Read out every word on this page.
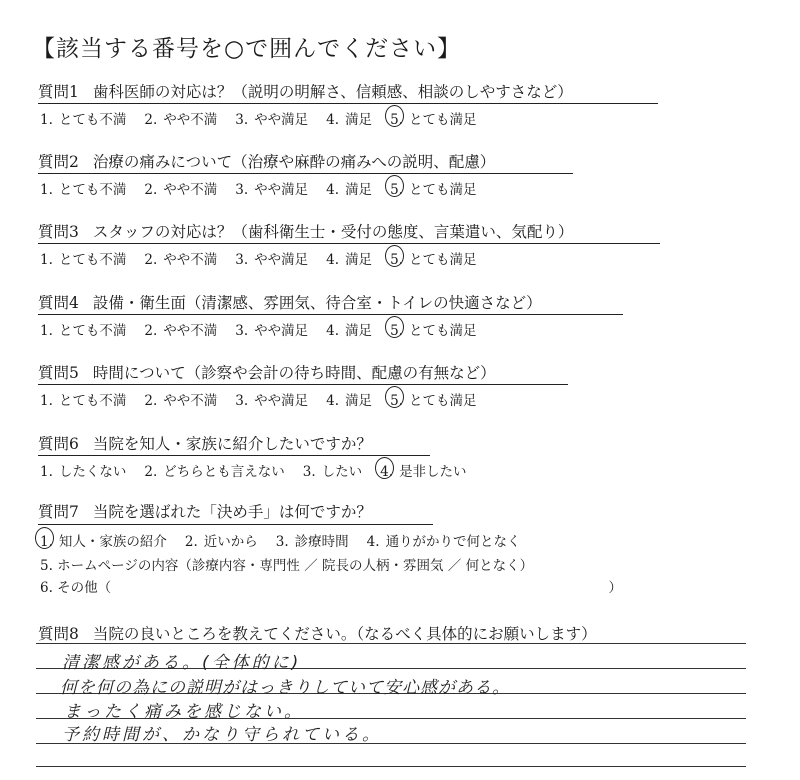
【該当する番号を○で囲んでください】
質問1 歯科医師の対応は？（説明の明解さ、信頼感、相談のしやすさなど）
1. とても不満 2. やや不満 3. やや満足 4. 満足 5. とても満足
質問2 治療の痛みについて（治療や麻酔の痛みへの説明、配慮）
1. とても不満 2. やや不満 3. やや満足 4. 満足 5. とても満足
質問3 スタッフの対応は？（歯科衛生士・受付の態度、言葉遣い、気配り）
1. とても不満 2. やや不満 3. やや満足 4. 満足 5. とても満足
質問4 設備・衛生面（清潔感、雰囲気、待合室・トイレの快適さなど）
1. とても不満 2. やや不満 3. やや満足 4. 満足 5. とても満足
質問5 時間について（診察や会計の待ち時間、配慮の有無など）
1. とても不満 2. やや不満 3. やや満足 4. 満足 5. とても満足
質問6 当院を知人・家族に紹介したいですか？
1. したくない 2. どちらとも言えない 3. したい 4. 是非したい
質問7 当院を選ばれた「決め手」は何ですか？
1. 知人・家族の紹介 2. 近いから 3. 診療時間 4. 通りがかりで何となく
5. ホームページの内容（診療内容・専門性 ／ 院長の人柄・雰囲気 ／ 何となく）
6. その他（	）
質問8 当院の良いところを教えてください。（なるべく具体的にお願いします）
清潔感がある。(全体的に)
何を何の為にの説明がはっきりしていて安心感がある。
まったく痛みを感じない。
予約時間が、かなり守られている。
